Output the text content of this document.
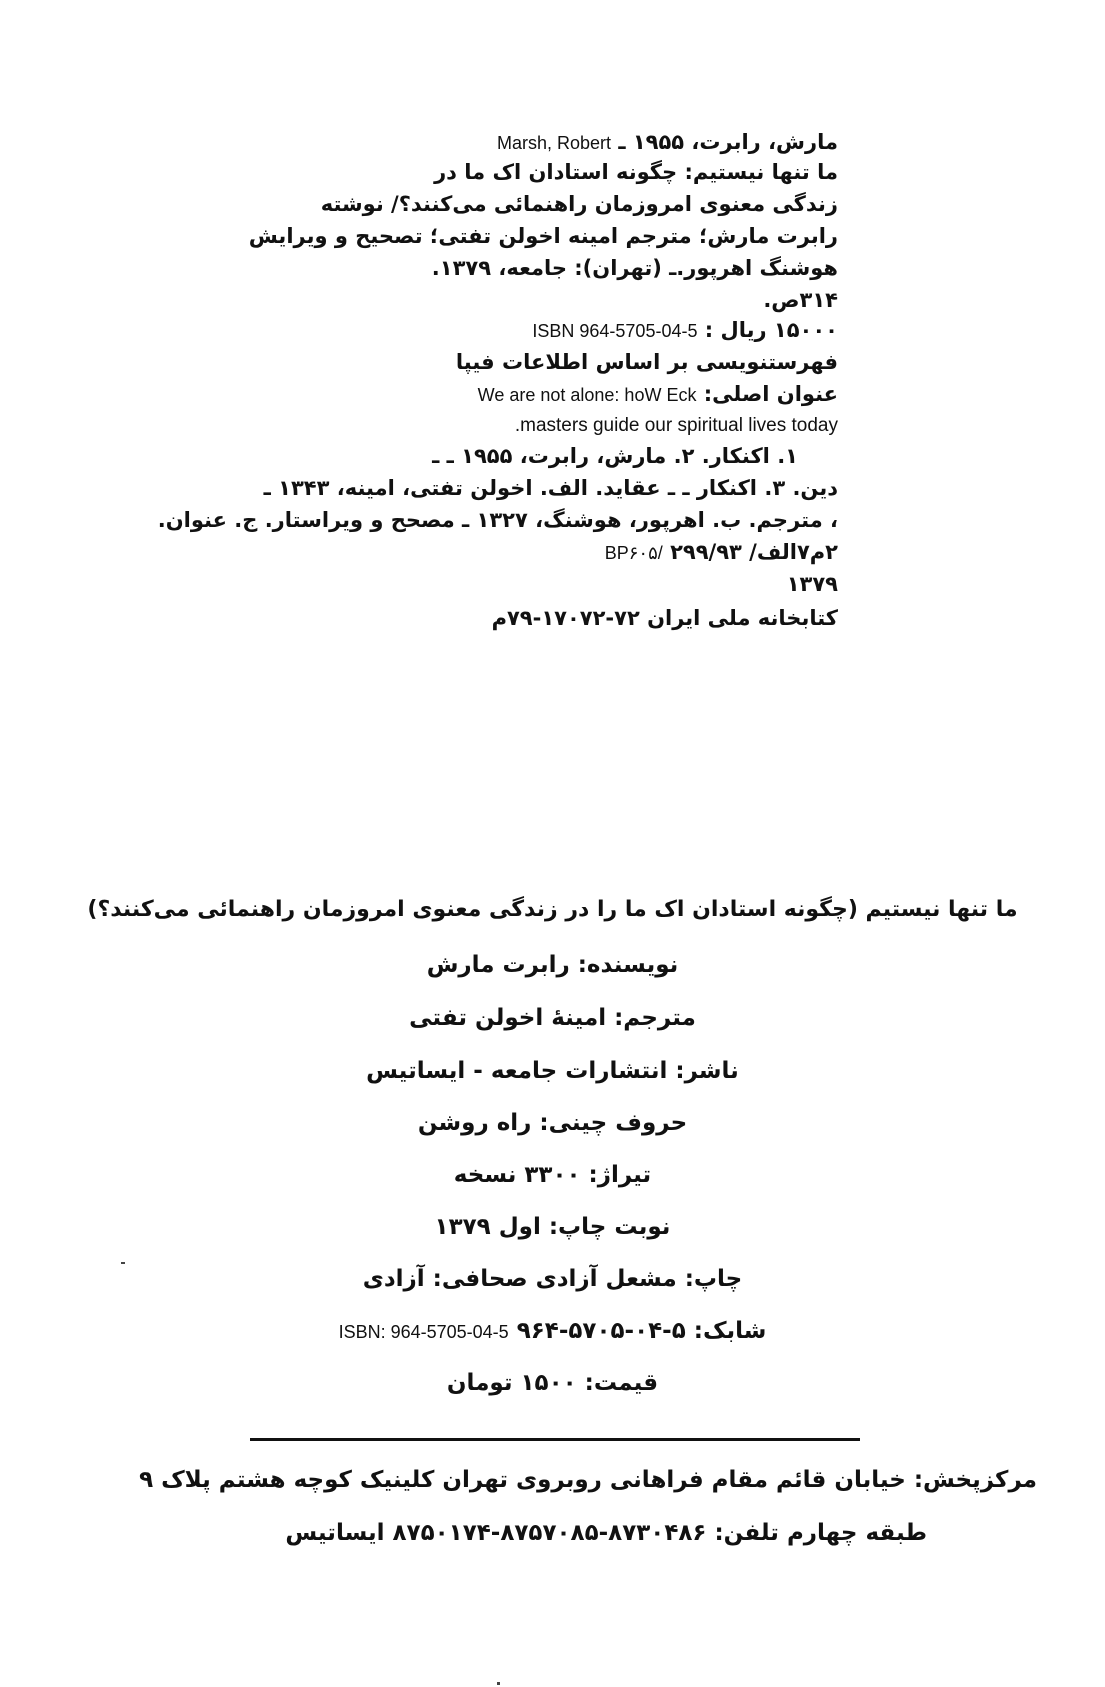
مارش، رابرت، ۱۹۵۵ ـ Marsh, Robert
ما تنها نیستیم: چگونه استادان اک ما در
زندگی معنوی امروزمان راهنمائی می‌کنند؟/ نوشته
رابرت مارش؛ مترجم امینه اخولن تفتی؛ تصحیح و ویرایش
هوشنگ اهرپور.ـ (تهران): جامعه، ۱۳۷۹.
۳۱۴ص.
۱۵۰۰۰ ریال : ISBN 964-5705-04-5
فهرستنویسی بر اساس اطلاعات فیپا
عنوان اصلی: We are not alone: hoW Eck
masters guide our spiritual lives today.
۱. اکنکار. ۲. مارش، رابرت، ۱۹۵۵ ـ ـ
دین. ۳. اکنکار ـ ـ عقاید. الف. اخولن تفتی، امینه، ۱۳۴۳ ـ
، مترجم. ب. اهرپور، هوشنگ، ۱۳۲۷ ـ مصحح و ویراستار. ج. عنوان.
۲م۷الف/ ۲۹۹/۹۳ BP۶۰۵/
۱۳۷۹
کتابخانه ملی ایران ۷۲-۱۷۰۷۲-۷۹م
ما تنها نیستیم (چگونه استادان اک ما را در زندگی معنوی امروزمان راهنمائی می‌کنند؟)
نویسنده: رابرت مارش
مترجم: امینهٔ اخولن تفتی
ناشر: انتشارات جامعه - ایساتیس
حروف چینی: راه روشن
تیراژ: ۳۳۰۰ نسخه
نوبت چاپ: اول ۱۳۷۹
چاپ: مشعل آزادی صحافی: آزادی
شابک: ۵-۰۴-۵۷۰۵-۹۶۴ ISBN: 964-5705-04-5
قیمت: ۱۵۰۰ تومان
مرکزپخش: خیابان قائم مقام فراهانی روبروی تهران کلینیک کوچه هشتم پلاک ۹
طبقه چهارم تلفن: ۸۷۳۰۴۸۶-۸۷۵۷۰۸۵-۸۷۵۰۱۷۴ ایساتیس
